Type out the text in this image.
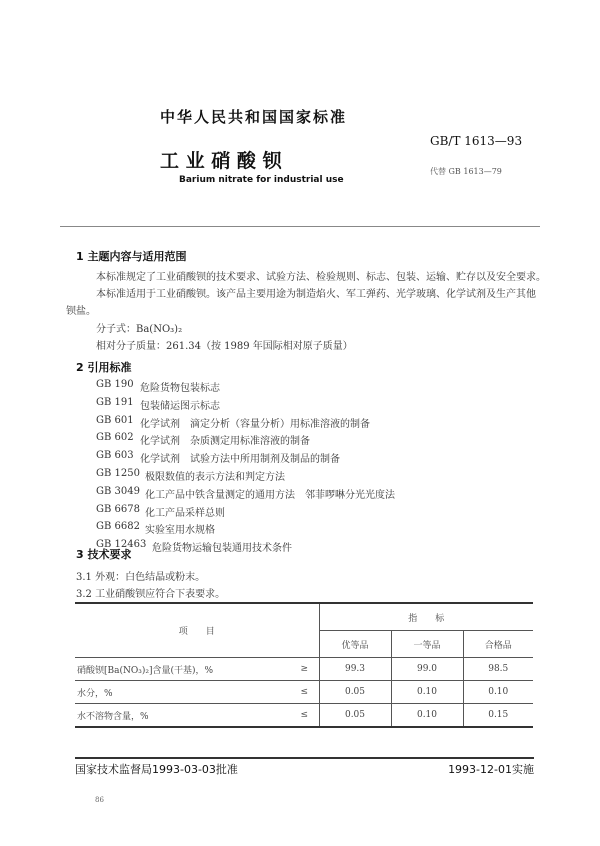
中华人民共和国国家标准
工 业 硝 酸 钡
Barium nitrate for industrial use
GB/T 1613—93
代替 GB 1613—79
1 主题内容与适用范围
本标准规定了工业硝酸钡的技术要求、试验方法、检验规则、标志、包装、运输、贮存以及安全要求。
本标准适用于工业硝酸钡。该产品主要用途为制造焰火、军工弹药、光学玻璃、化学试剂及生产其他
钡盐。
分子式：Ba(NO₃)₂
相对分子质量：261.34（按 1989 年国际相对原子质量）
2 引用标准
GB 190 危险货物包装标志
GB 191 包装储运图示标志
GB 601 化学试剂　滴定分析（容量分析）用标准溶液的制备
GB 602 化学试剂　杂质测定用标准溶液的制备
GB 603 化学试剂　试验方法中所用制剂及制品的制备
GB 1250 极限数值的表示方法和判定方法
GB 3049 化工产品中铁含量测定的通用方法　邻菲啰啉分光光度法
GB 6678 化工产品采样总则
GB 6682 实验室用水规格
GB 12463 危险货物运输包装通用技术条件
3 技术要求
3.1 外观：白色结晶或粉末。
3.2 工业硝酸钡应符合下表要求。
项　　目		指　　标		
		优等品	一等品	合格品
硝酸钡[Ba(NO₃)₂]含量(干基)，%	≥	99.3	99.0	98.5
水分，%	≤	0.05	0.10	0.10
水不溶物含量，%	≤	0.05	0.10	0.15
国家技术监督局1993-03-03批准	1993-12-01实施
86
